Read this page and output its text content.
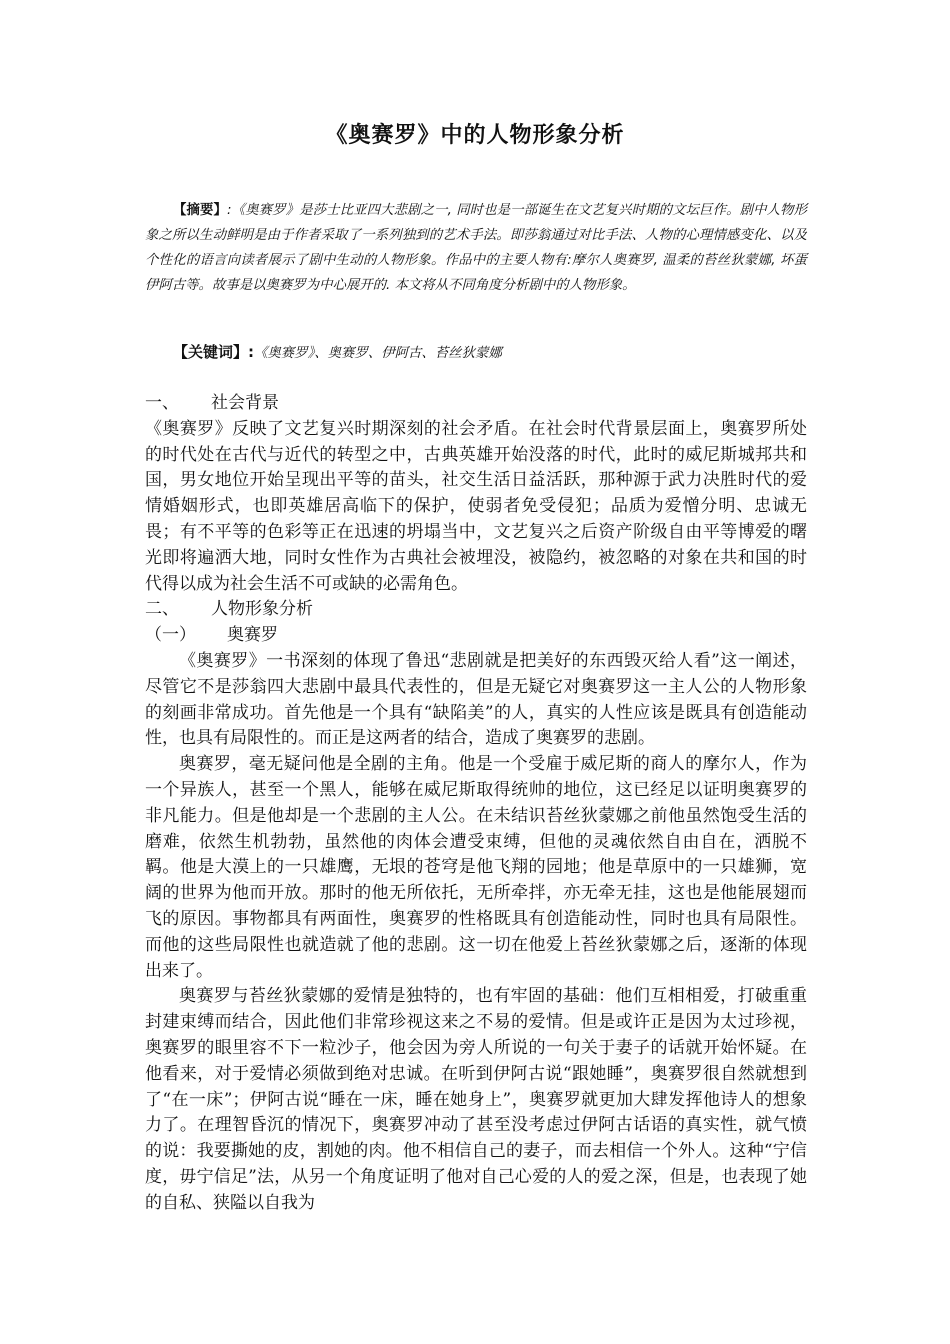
《奥赛罗》中的人物形象分析
【摘要】:《奥赛罗》是莎士比亚四大悲剧之一, 同时也是一部诞生在文艺复兴时期的文坛巨作。剧中人物形象之所以生动鲜明是由于作者采取了一系列独到的艺术手法。即莎翁通过对比手法、人物的心理情感变化、以及个性化的语言向读者展示了剧中生动的人物形象。作品中的主要人物有:摩尔人奥赛罗, 温柔的苔丝狄蒙娜, 坏蛋伊阿古等。故事是以奥赛罗为中心展开的. 本文将从不同角度分析剧中的人物形象。
【关键词】:《奥赛罗》、奥赛罗、伊阿古、苔丝狄蒙娜

一、 社会背景

《奥赛罗》反映了文艺复兴时期深刻的社会矛盾。在社会时代背景层面上，奥赛罗所处的时代处在古代与近代的转型之中，古典英雄开始没落的时代，此时的威尼斯城邦共和国，男女地位开始呈现出平等的苗头，社交生活日益活跃，那种源于武力决胜时代的爱情婚姻形式，也即英雄居高临下的保护，使弱者免受侵犯；品质为爱憎分明、忠诚无畏；有不平等的色彩等正在迅速的坍塌当中，文艺复兴之后资产阶级自由平等博爱的曙光即将遍洒大地，同时女性作为古典社会被埋没，被隐约，被忽略的对象在共和国的时代得以成为社会生活不可或缺的必需角色。

二、 人物形象分析

（一） 奥赛罗

《奥赛罗》一书深刻的体现了鲁迅“悲剧就是把美好的东西毁灭给人看”这一阐述，尽管它不是莎翁四大悲剧中最具代表性的，但是无疑它对奥赛罗这一主人公的人物形象的刻画非常成功。首先他是一个具有“缺陷美”的人，真实的人性应该是既具有创造能动性，也具有局限性的。而正是这两者的结合，造成了奥赛罗的悲剧。

奥赛罗，毫无疑问他是全剧的主角。他是一个受雇于威尼斯的商人的摩尔人，作为一个异族人，甚至一个黑人，能够在威尼斯取得统帅的地位，这已经足以证明奥赛罗的非凡能力。但是他却是一个悲剧的主人公。在未结识苔丝狄蒙娜之前他虽然饱受生活的磨难，依然生机勃勃，虽然他的肉体会遭受束缚，但他的灵魂依然自由自在，洒脱不羁。他是大漠上的一只雄鹰，无垠的苍穹是他飞翔的园地；他是草原中的一只雄狮，宽阔的世界为他而开放。那时的他无所依托，无所牵拌，亦无牵无挂，这也是他能展翅而飞的原因。事物都具有两面性，奥赛罗的性格既具有创造能动性，同时也具有局限性。而他的这些局限性也就造就了他的悲剧。这一切在他爱上苔丝狄蒙娜之后，逐渐的体现出来了。

奥赛罗与苔丝狄蒙娜的爱情是独特的，也有牢固的基础：他们互相相爱，打破重重封建束缚而结合，因此他们非常珍视这来之不易的爱情。但是或许正是因为太过珍视，奥赛罗的眼里容不下一粒沙子，他会因为旁人所说的一句关于妻子的话就开始怀疑。在他看来，对于爱情必须做到绝对忠诚。在听到伊阿古说“跟她睡”，奥赛罗很自然就想到了“在一床”；伊阿古说“睡在一床，睡在她身上”，奥赛罗就更加大肆发挥他诗人的想象力了。在理智昏沉的情况下，奥赛罗冲动了甚至没考虑过伊阿古话语的真实性，就气愤的说：我要撕她的皮，割她的肉。他不相信自己的妻子，而去相信一个外人。这种“宁信度，毋宁信足”法，从另一个角度证明了他对自己心爱的人的爱之深，但是，也表现了她的自私、狭隘以自我为
